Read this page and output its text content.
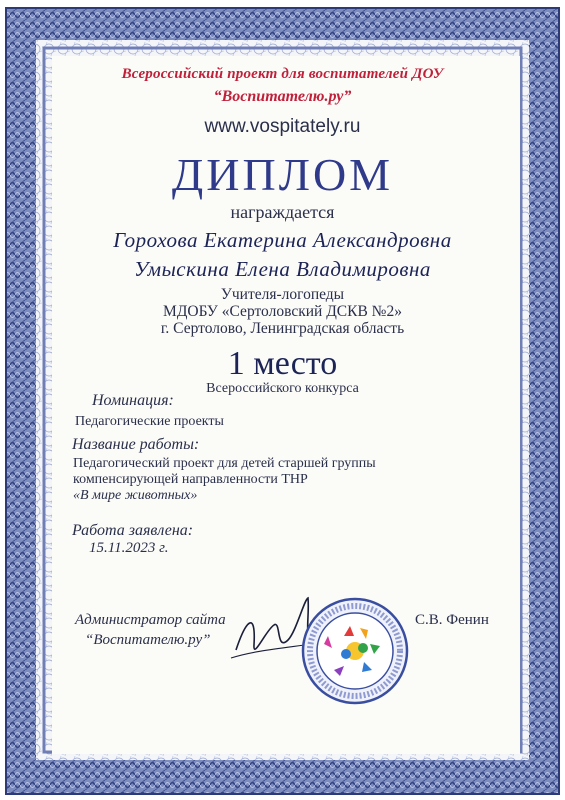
Всероссийский проект для воспитателей ДОУ
“Воспитателю.ру”
www.vospitately.ru
ДИПЛОМ
награждается
Горохова Екатерина Александровна
Умыскина Елена Владимировна
Учителя-логопеды
МДОБУ «Сертоловский ДСКВ №2»
г. Сертолово, Ленинградская область
1 место
Всероссийского конкурса
Номинация:
Педагогические проекты
Название работы:
Педагогический проект для детей старшей группы
компенсирующей направленности ТНР
«В мире животных»
Работа заявлена:
15.11.2023 г.
Администратор сайта
“Воспитателю.ру”
С.В. Фенин
